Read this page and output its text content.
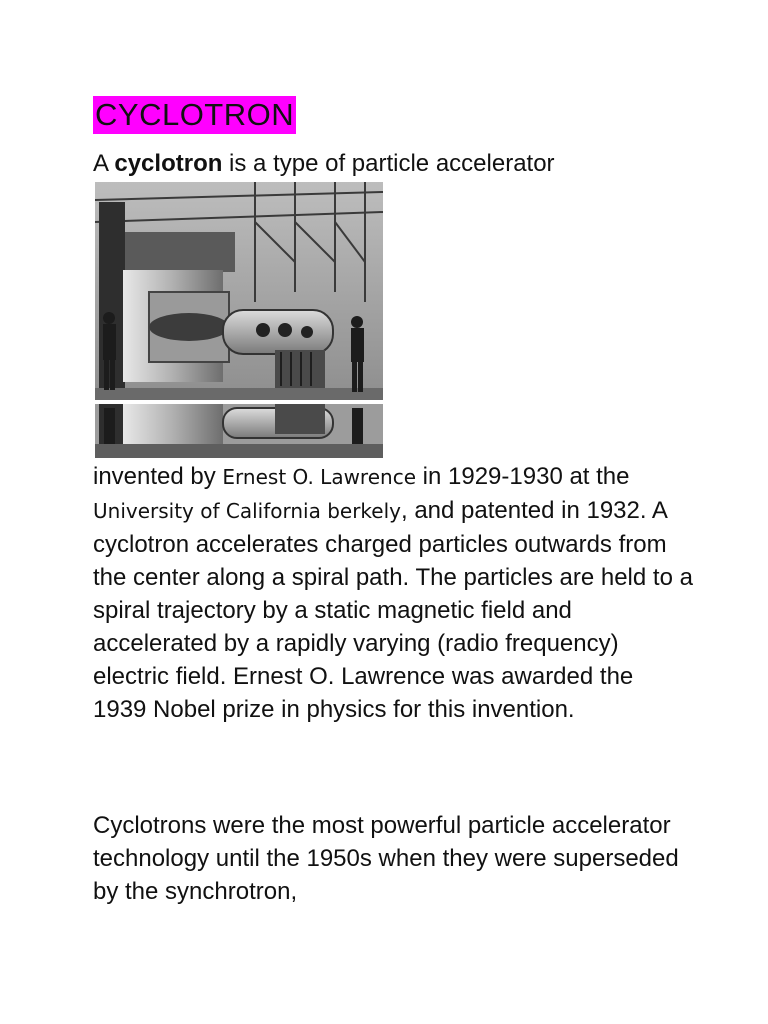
CYCLOTRON

A cyclotron is a type of particle accelerator

invented by Ernest O. Lawrence in 1929-1930 at the University of California berkely, and patented in 1932. A cyclotron accelerates charged particles outwards from the center along a spiral path. The particles are held to a spiral trajectory by a static magnetic field and accelerated by a rapidly varying (radio frequency) electric field. Ernest O. Lawrence was awarded the 1939 Nobel prize in physics for this invention.

Cyclotrons were the most powerful particle accelerator technology until the 1950s when they were superseded by the synchrotron,
